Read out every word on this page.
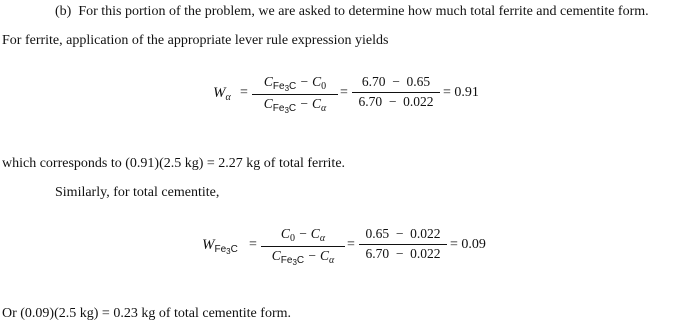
(b) For this portion of the problem, we are asked to determine how much total ferrite and cementite form.
For ferrite, application of the appropriate lever rule expression yields
$W_\alpha$ =
$C_{Fe_3C} - C_0$
$C_{Fe_3C} - C_\alpha$
=
6.70  −  0.65
6.70  −  0.022
= 0.91
which corresponds to (0.91)(2.5 kg) = 2.27 kg of total ferrite.
Similarly, for total cementite,
$W_{Fe_3C}$ =
$C_0 - C_\alpha$
$C_{Fe_3C} - C_\alpha$
=
0.65  −  0.022
6.70  −  0.022
= 0.09
Or (0.09)(2.5 kg) = 0.23 kg of total cementite form.
